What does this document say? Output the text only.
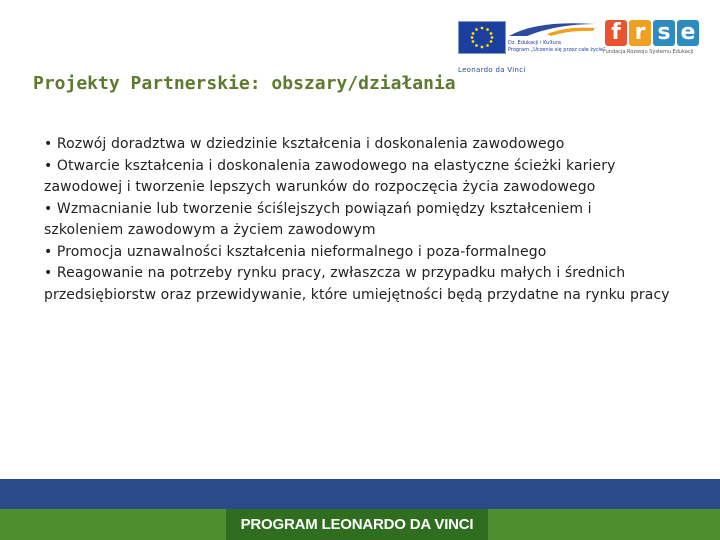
Dz. Edukacji i Kultura
Program „Uczenie się przez całe życie”
Leonardo da Vinci
f r s e
Fundacja Rozwoju Systemu Edukacji
Projekty Partnerskie: obszary/działania

• Rozwój doradztwa w dziedzinie kształcenia i doskonalenia zawodowego

• Otwarcie kształcenia i doskonalenia zawodowego na elastyczne ścieżki kariery zawodowej i tworzenie lepszych warunków do rozpoczęcia życia zawodowego

• Wzmacnianie lub tworzenie ściślejszych powiązań pomiędzy kształceniem i szkoleniem zawodowym a życiem zawodowym

• Promocja uznawalności kształcenia nieformalnego i poza-formalnego

• Reagowanie na potrzeby rynku pracy, zwłaszcza w przypadku małych i średnich przedsiębiorstw oraz przewidywanie, które umiejętności będą przydatne na rynku pracy

PROGRAM LEONARDO DA VINCI
